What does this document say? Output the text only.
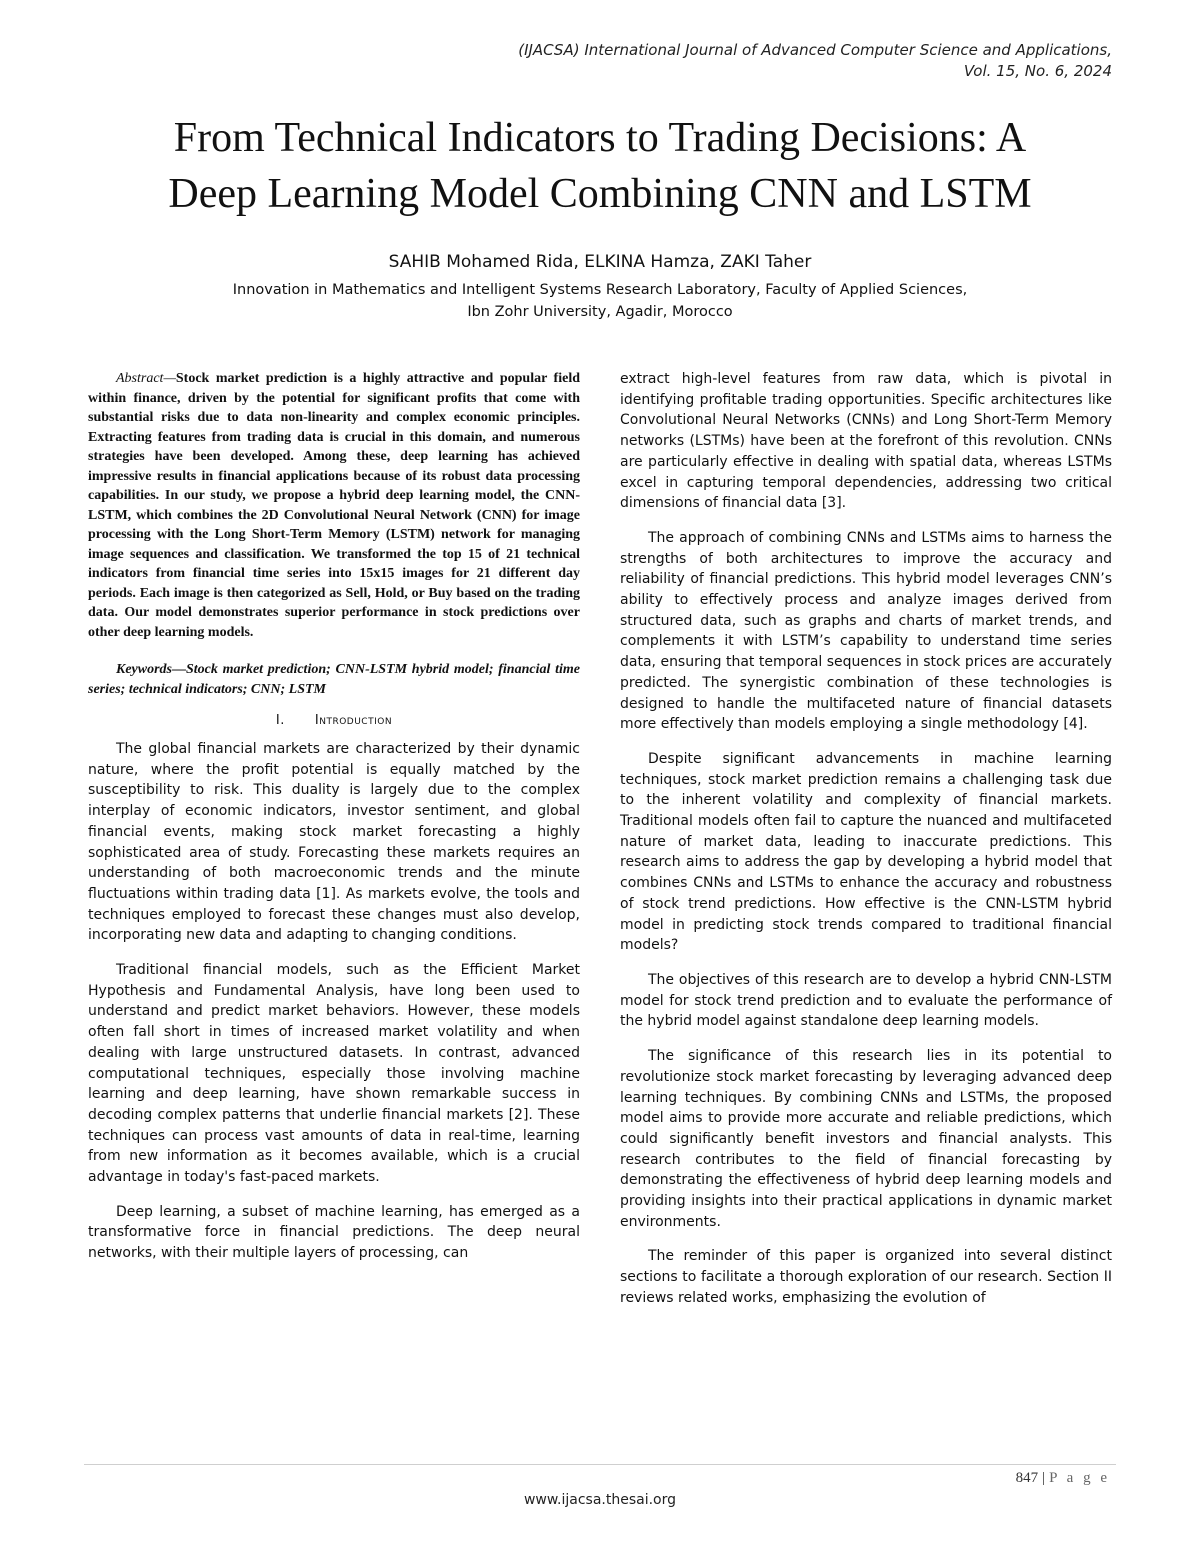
(IJACSA) International Journal of Advanced Computer Science and Applications,
Vol. 15, No. 6, 2024
From Technical Indicators to Trading Decisions: A
Deep Learning Model Combining CNN and LSTM
SAHIB Mohamed Rida, ELKINA Hamza, ZAKI Taher
Innovation in Mathematics and Intelligent Systems Research Laboratory, Faculty of Applied Sciences,
Ibn Zohr University, Agadir, Morocco

Abstract—Stock market prediction is a highly attractive and popular field within finance, driven by the potential for significant profits that come with substantial risks due to data non-linearity and complex economic principles. Extracting features from trading data is crucial in this domain, and numerous strategies have been developed. Among these, deep learning has achieved impressive results in financial applications because of its robust data processing capabilities. In our study, we propose a hybrid deep learning model, the CNN-LSTM, which combines the 2D Convolutional Neural Network (CNN) for image processing with the Long Short-Term Memory (LSTM) network for managing image sequences and classification. We transformed the top 15 of 21 technical indicators from financial time series into 15x15 images for 21 different day periods. Each image is then categorized as Sell, Hold, or Buy based on the trading data. Our model demonstrates superior performance in stock predictions over other deep learning models.

Keywords—Stock market prediction; CNN-LSTM hybrid model; financial time series; technical indicators; CNN; LSTM

I. Introduction

The global financial markets are characterized by their dynamic nature, where the profit potential is equally matched by the susceptibility to risk. This duality is largely due to the complex interplay of economic indicators, investor sentiment, and global financial events, making stock market forecasting a highly sophisticated area of study. Forecasting these markets requires an understanding of both macroeconomic trends and the minute fluctuations within trading data [1]. As markets evolve, the tools and techniques employed to forecast these changes must also develop, incorporating new data and adapting to changing conditions.

Traditional financial models, such as the Efficient Market Hypothesis and Fundamental Analysis, have long been used to understand and predict market behaviors. However, these models often fall short in times of increased market volatility and when dealing with large unstructured datasets. In contrast, advanced computational techniques, especially those involving machine learning and deep learning, have shown remarkable success in decoding complex patterns that underlie financial markets [2]. These techniques can process vast amounts of data in real-time, learning from new information as it becomes available, which is a crucial advantage in today's fast-paced markets.

Deep learning, a subset of machine learning, has emerged as a transformative force in financial predictions. The deep neural networks, with their multiple layers of processing, can

extract high-level features from raw data, which is pivotal in identifying profitable trading opportunities. Specific architectures like Convolutional Neural Networks (CNNs) and Long Short-Term Memory networks (LSTMs) have been at the forefront of this revolution. CNNs are particularly effective in dealing with spatial data, whereas LSTMs excel in capturing temporal dependencies, addressing two critical dimensions of financial data [3].

The approach of combining CNNs and LSTMs aims to harness the strengths of both architectures to improve the accuracy and reliability of financial predictions. This hybrid model leverages CNN’s ability to effectively process and analyze images derived from structured data, such as graphs and charts of market trends, and complements it with LSTM’s capability to understand time series data, ensuring that temporal sequences in stock prices are accurately predicted. The synergistic combination of these technologies is designed to handle the multifaceted nature of financial datasets more effectively than models employing a single methodology [4].

Despite significant advancements in machine learning techniques, stock market prediction remains a challenging task due to the inherent volatility and complexity of financial markets. Traditional models often fail to capture the nuanced and multifaceted nature of market data, leading to inaccurate predictions. This research aims to address the gap by developing a hybrid model that combines CNNs and LSTMs to enhance the accuracy and robustness of stock trend predictions. How effective is the CNN-LSTM hybrid model in predicting stock trends compared to traditional financial models?

The objectives of this research are to develop a hybrid CNN-LSTM model for stock trend prediction and to evaluate the performance of the hybrid model against standalone deep learning models.

The significance of this research lies in its potential to revolutionize stock market forecasting by leveraging advanced deep learning techniques. By combining CNNs and LSTMs, the proposed model aims to provide more accurate and reliable predictions, which could significantly benefit investors and financial analysts. This research contributes to the field of financial forecasting by demonstrating the effectiveness of hybrid deep learning models and providing insights into their practical applications in dynamic market environments.

The reminder of this paper is organized into several distinct sections to facilitate a thorough exploration of our research. Section II reviews related works, emphasizing the evolution of

847 | P a g e
www.ijacsa.thesai.org
